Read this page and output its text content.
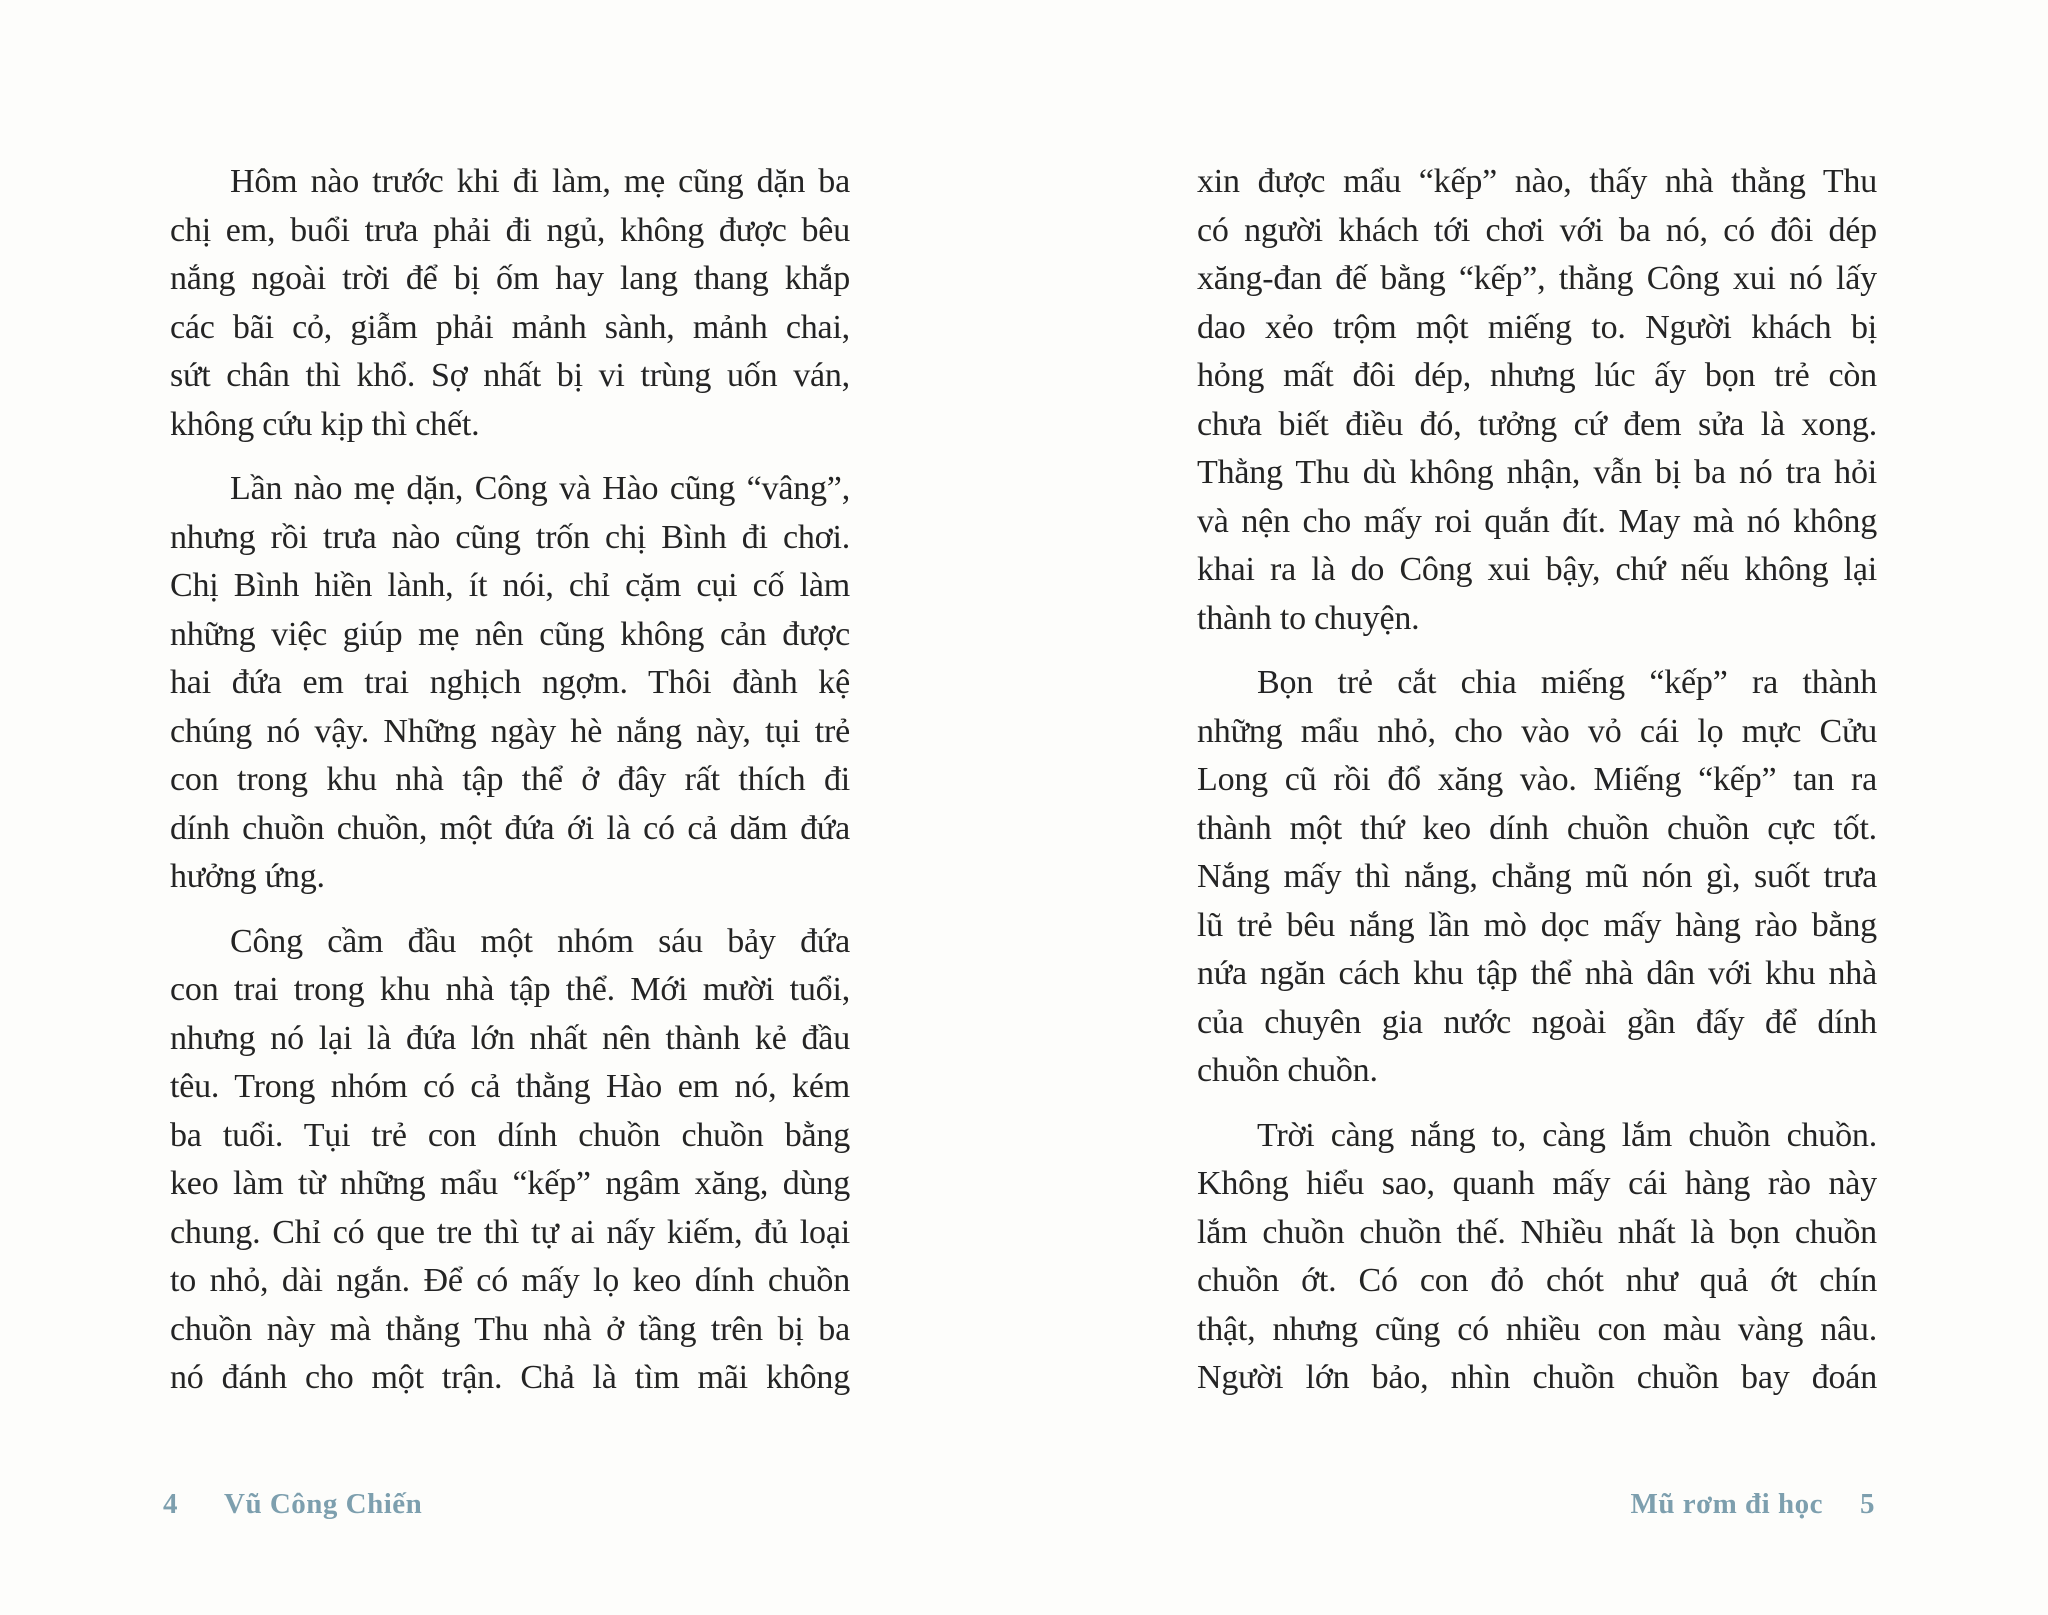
Hôm nào trước khi đi làm, mẹ cũng dặn ba
chị em, buổi trưa phải đi ngủ, không được bêu
nắng ngoài trời để bị ốm hay lang thang khắp
các bãi cỏ, giẫm phải mảnh sành, mảnh chai,
sứt chân thì khổ. Sợ nhất bị vi trùng uốn ván,
không cứu kịp thì chết.
Lần nào mẹ dặn, Công và Hào cũng “vâng”,
nhưng rồi trưa nào cũng trốn chị Bình đi chơi.
Chị Bình hiền lành, ít nói, chỉ cặm cụi cố làm
những việc giúp mẹ nên cũng không cản được
hai đứa em trai nghịch ngợm. Thôi đành kệ
chúng nó vậy. Những ngày hè nắng này, tụi trẻ
con trong khu nhà tập thể ở đây rất thích đi
dính chuồn chuồn, một đứa ới là có cả dăm đứa
hưởng ứng.
Công cầm đầu một nhóm sáu bảy đứa
con trai trong khu nhà tập thể. Mới mười tuổi,
nhưng nó lại là đứa lớn nhất nên thành kẻ đầu
têu. Trong nhóm có cả thằng Hào em nó, kém
ba tuổi. Tụi trẻ con dính chuồn chuồn bằng
keo làm từ những mẩu “kếp” ngâm xăng, dùng
chung. Chỉ có que tre thì tự ai nấy kiếm, đủ loại
to nhỏ, dài ngắn. Để có mấy lọ keo dính chuồn
chuồn này mà thằng Thu nhà ở tầng trên bị ba
nó đánh cho một trận. Chả là tìm mãi không
xin được mẩu “kếp” nào, thấy nhà thằng Thu
có người khách tới chơi với ba nó, có đôi dép
xăng-đan đế bằng “kếp”, thằng Công xui nó lấy
dao xẻo trộm một miếng to. Người khách bị
hỏng mất đôi dép, nhưng lúc ấy bọn trẻ còn
chưa biết điều đó, tưởng cứ đem sửa là xong.
Thằng Thu dù không nhận, vẫn bị ba nó tra hỏi
và nện cho mấy roi quắn đít. May mà nó không
khai ra là do Công xui bậy, chứ nếu không lại
thành to chuyện.
Bọn trẻ cắt chia miếng “kếp” ra thành
những mẩu nhỏ, cho vào vỏ cái lọ mực Cửu
Long cũ rồi đổ xăng vào. Miếng “kếp” tan ra
thành một thứ keo dính chuồn chuồn cực tốt.
Nắng mấy thì nắng, chẳng mũ nón gì, suốt trưa
lũ trẻ bêu nắng lần mò dọc mấy hàng rào bằng
nứa ngăn cách khu tập thể nhà dân với khu nhà
của chuyên gia nước ngoài gần đấy để dính
chuồn chuồn.
Trời càng nắng to, càng lắm chuồn chuồn.
Không hiểu sao, quanh mấy cái hàng rào này
lắm chuồn chuồn thế. Nhiều nhất là bọn chuồn
chuồn ớt. Có con đỏ chót như quả ớt chín
thật, nhưng cũng có nhiều con màu vàng nâu.
Người lớn bảo, nhìn chuồn chuồn bay đoán
4 Vũ Công Chiến	Mũ rơm đi học 5
